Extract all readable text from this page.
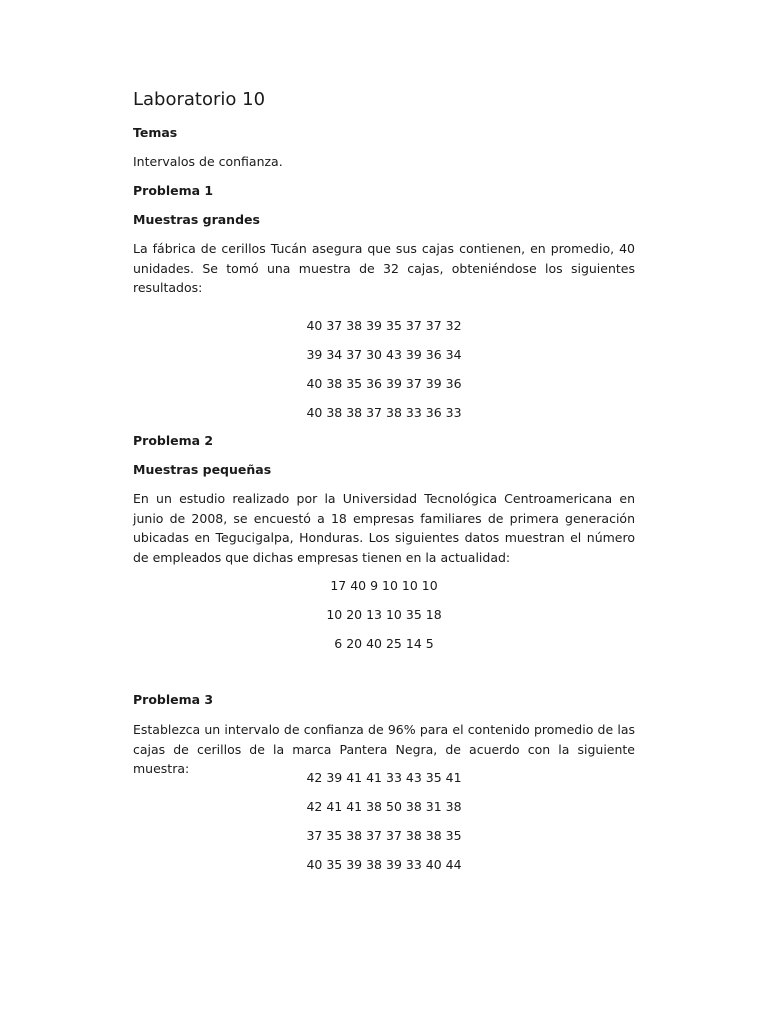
Laboratorio 10
Temas
Intervalos de confianza.
Problema 1
Muestras grandes
La fábrica de cerillos Tucán asegura que sus cajas contienen, en promedio, 40 unidades. Se tomó una muestra de 32 cajas, obteniéndose los siguientes resultados:
40 37 38 39 35 37 37 32
39 34 37 30 43 39 36 34
40 38 35 36 39 37 39 36
40 38 38 37 38 33 36 33
Problema 2
Muestras pequeñas
En un estudio realizado por la Universidad Tecnológica Centroamericana en junio de 2008, se encuestó a 18 empresas familiares de primera generación ubicadas en Tegucigalpa, Honduras. Los siguientes datos muestran el número de empleados que dichas empresas tienen en la actualidad:
17 40 9 10 10 10
10 20 13 10 35 18
6 20 40 25 14 5
Problema 3
Establezca un intervalo de confianza de 96% para el contenido promedio de las cajas de cerillos de la marca Pantera Negra, de acuerdo con la siguiente muestra:
42 39 41 41 33 43 35 41
42 41 41 38 50 38 31 38
37 35 38 37 37 38 38 35
40 35 39 38 39 33 40 44
